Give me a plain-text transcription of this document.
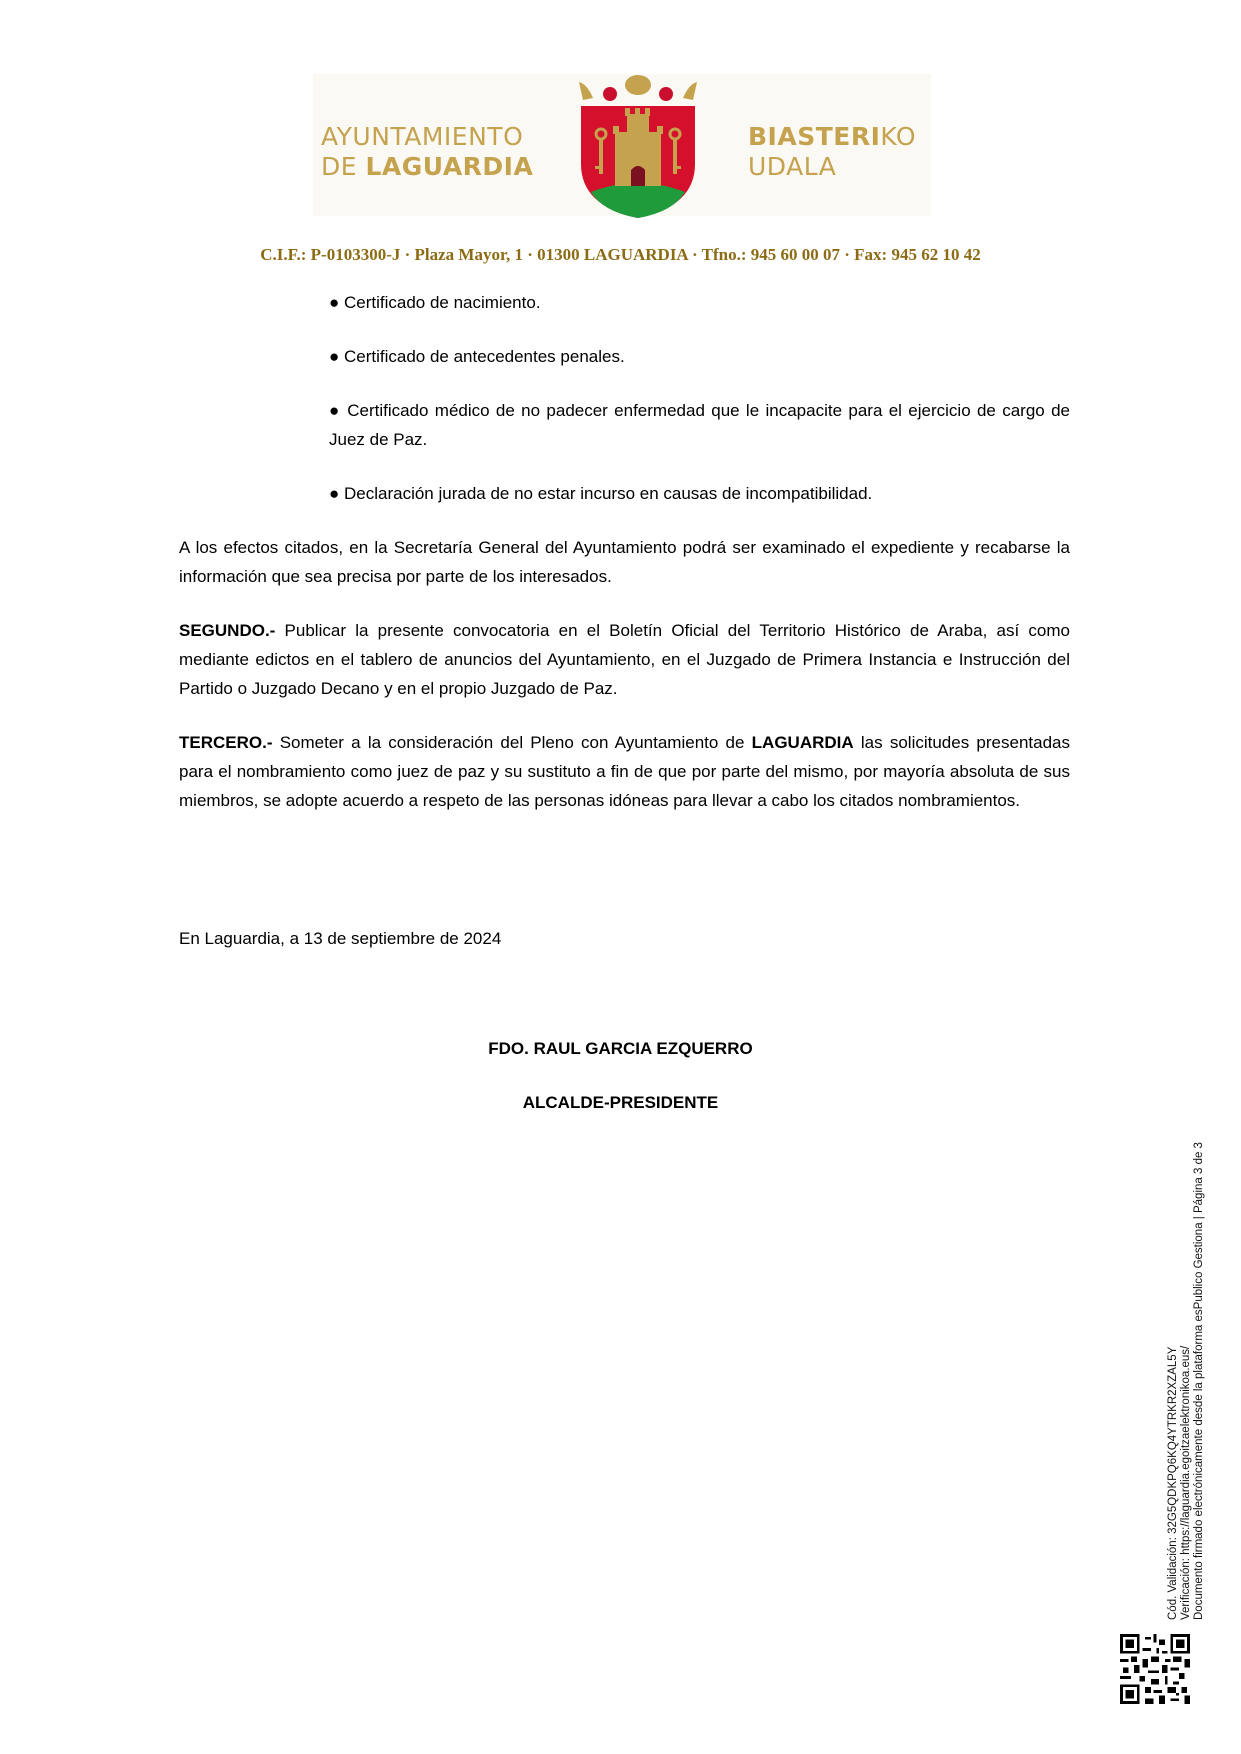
AYUNTAMIENTO
DE LAGUARDIA
BIASTERIKO
UDALA
C.I.F.: P-0103300-J · Plaza Mayor, 1 · 01300 LAGUARDIA · Tfno.: 945 60 00 07 · Fax: 945 62 10 42
● Certificado de nacimiento.
● Certificado de antecedentes penales.
● Certificado médico de no padecer enfermedad que le incapacite para el ejercicio de cargo de Juez de Paz.
● Declaración jurada de no estar incurso en causas de incompatibilidad.
A los efectos citados, en la Secretaría General del Ayuntamiento podrá ser examinado el expediente y recabarse la información que sea precisa por parte de los interesados.
SEGUNDO.- Publicar la presente convocatoria en el Boletín Oficial del Territorio Histórico de Araba, así como mediante edictos en el tablero de anuncios del Ayuntamiento, en el Juzgado de Primera Instancia e Instrucción del Partido o Juzgado Decano y en el propio Juzgado de Paz.
TERCERO.- Someter a la consideración del Pleno con Ayuntamiento de LAGUARDIA las solicitudes presentadas para el nombramiento como juez de paz y su sustituto a fin de que por parte del mismo, por mayoría absoluta de sus miembros, se adopte acuerdo a respeto de las personas idóneas para llevar a cabo los citados nombramientos.
En Laguardia, a 13 de septiembre de 2024
FDO. RAUL GARCIA EZQUERRO
ALCALDE-PRESIDENTE
Cód. Validación: 32G5QDKPQ6KQ4YTRKR2XZAL5Y Verificación: https://laguardia.egoitzaelektronikoa.eus/ Documento firmado electrónicamente desde la plataforma esPublico Gestiona | Página 3 de 3
